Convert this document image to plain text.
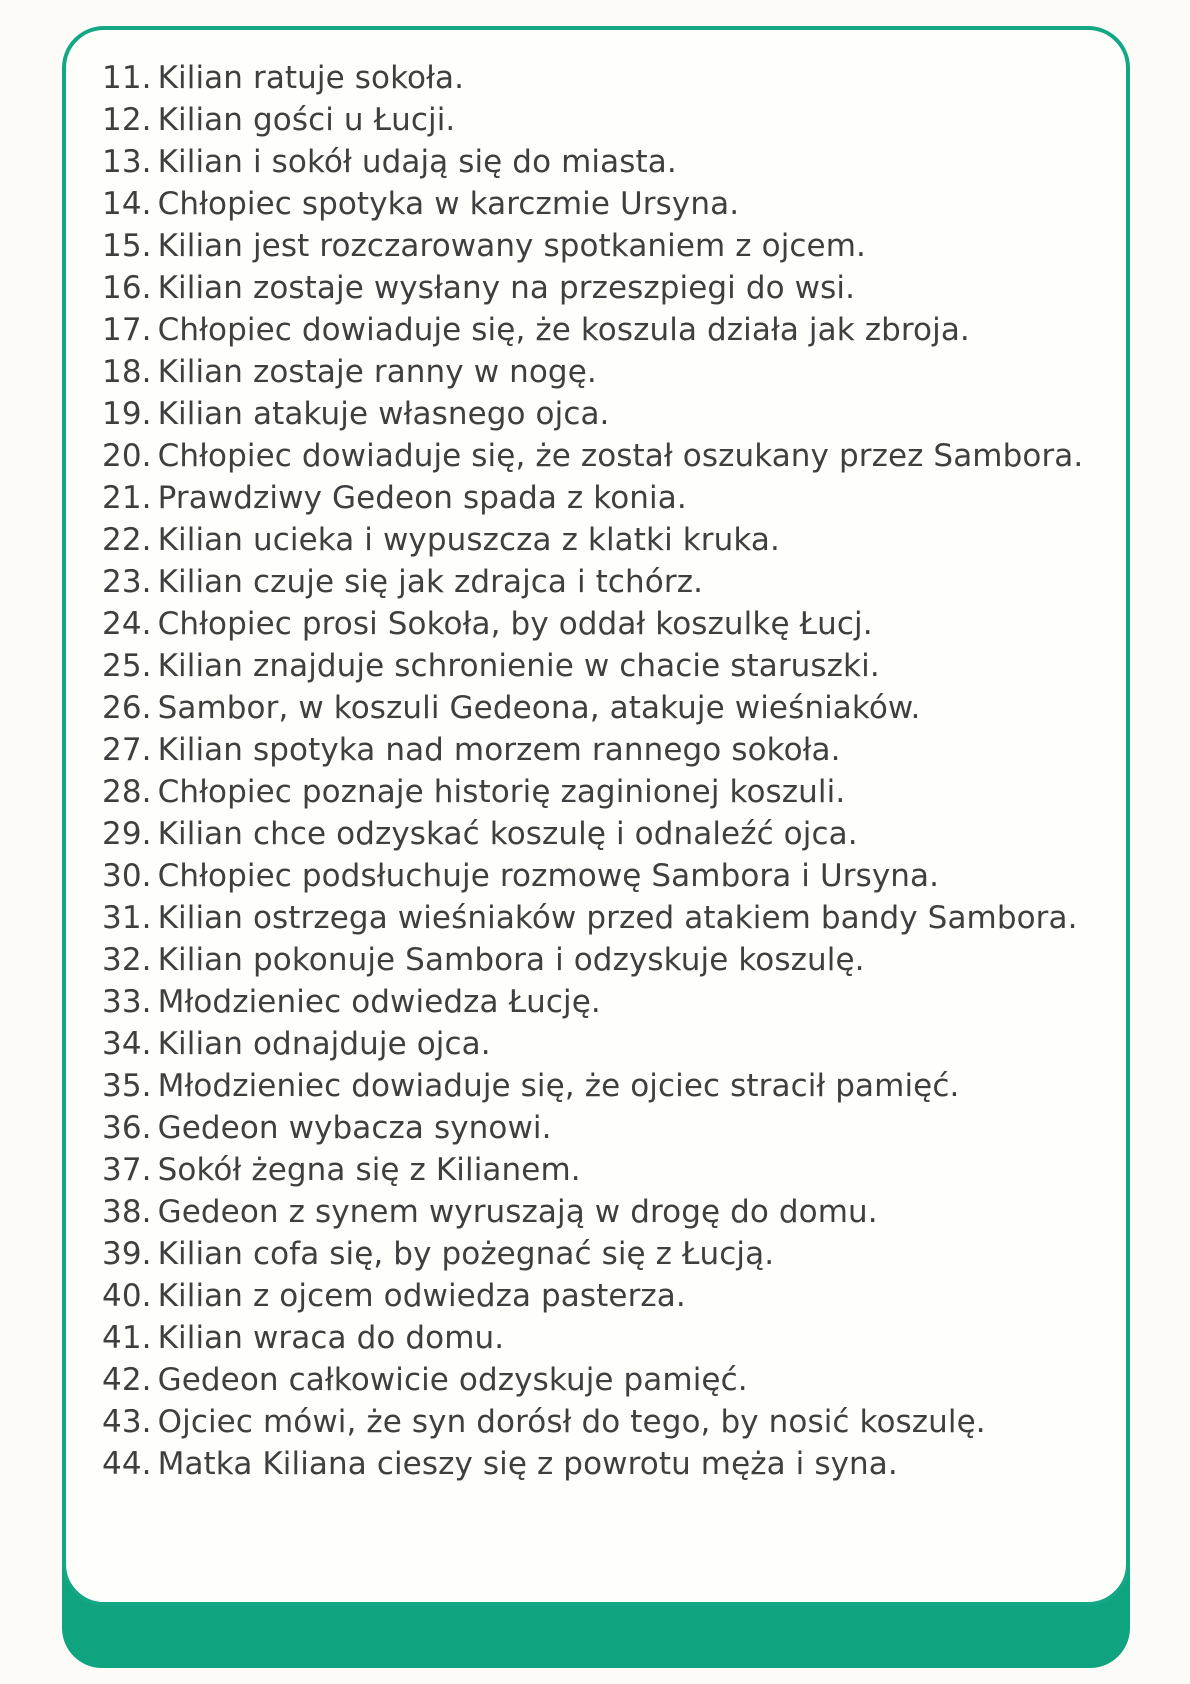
11. Kilian ratuje sokoła.
12. Kilian gości u Łucji.
13. Kilian i sokół udają się do miasta.
14. Chłopiec spotyka w karczmie Ursyna.
15. Kilian jest rozczarowany spotkaniem z ojcem.
16. Kilian zostaje wysłany na przeszpiegi do wsi.
17. Chłopiec dowiaduje się, że koszula działa jak zbroja.
18. Kilian zostaje ranny w nogę.
19. Kilian atakuje własnego ojca.
20. Chłopiec dowiaduje się, że został oszukany przez Sambora.
21. Prawdziwy Gedeon spada z konia.
22. Kilian ucieka i wypuszcza z klatki kruka.
23. Kilian czuje się jak zdrajca i tchórz.
24. Chłopiec prosi Sokoła, by oddał koszulkę Łucj.
25. Kilian znajduje schronienie w chacie staruszki.
26. Sambor, w koszuli Gedeona, atakuje wieśniaków.
27. Kilian spotyka nad morzem rannego sokoła.
28. Chłopiec poznaje historię zaginionej koszuli.
29. Kilian chce odzyskać koszulę i odnaleźć ojca.
30. Chłopiec podsłuchuje rozmowę Sambora i Ursyna.
31. Kilian ostrzega wieśniaków przed atakiem bandy Sambora.
32. Kilian pokonuje Sambora i odzyskuje koszulę.
33. Młodzieniec odwiedza Łucję.
34. Kilian odnajduje ojca.
35. Młodzieniec dowiaduje się, że ojciec stracił pamięć.
36. Gedeon wybacza synowi.
37. Sokół żegna się z Kilianem.
38. Gedeon z synem wyruszają w drogę do domu.
39. Kilian cofa się, by pożegnać się z Łucją.
40. Kilian z ojcem odwiedza pasterza.
41. Kilian wraca do domu.
42. Gedeon całkowicie odzyskuje pamięć.
43. Ojciec mówi, że syn dorósł do tego, by nosić koszulę.
44. Matka Kiliana cieszy się z powrotu męża i syna.
